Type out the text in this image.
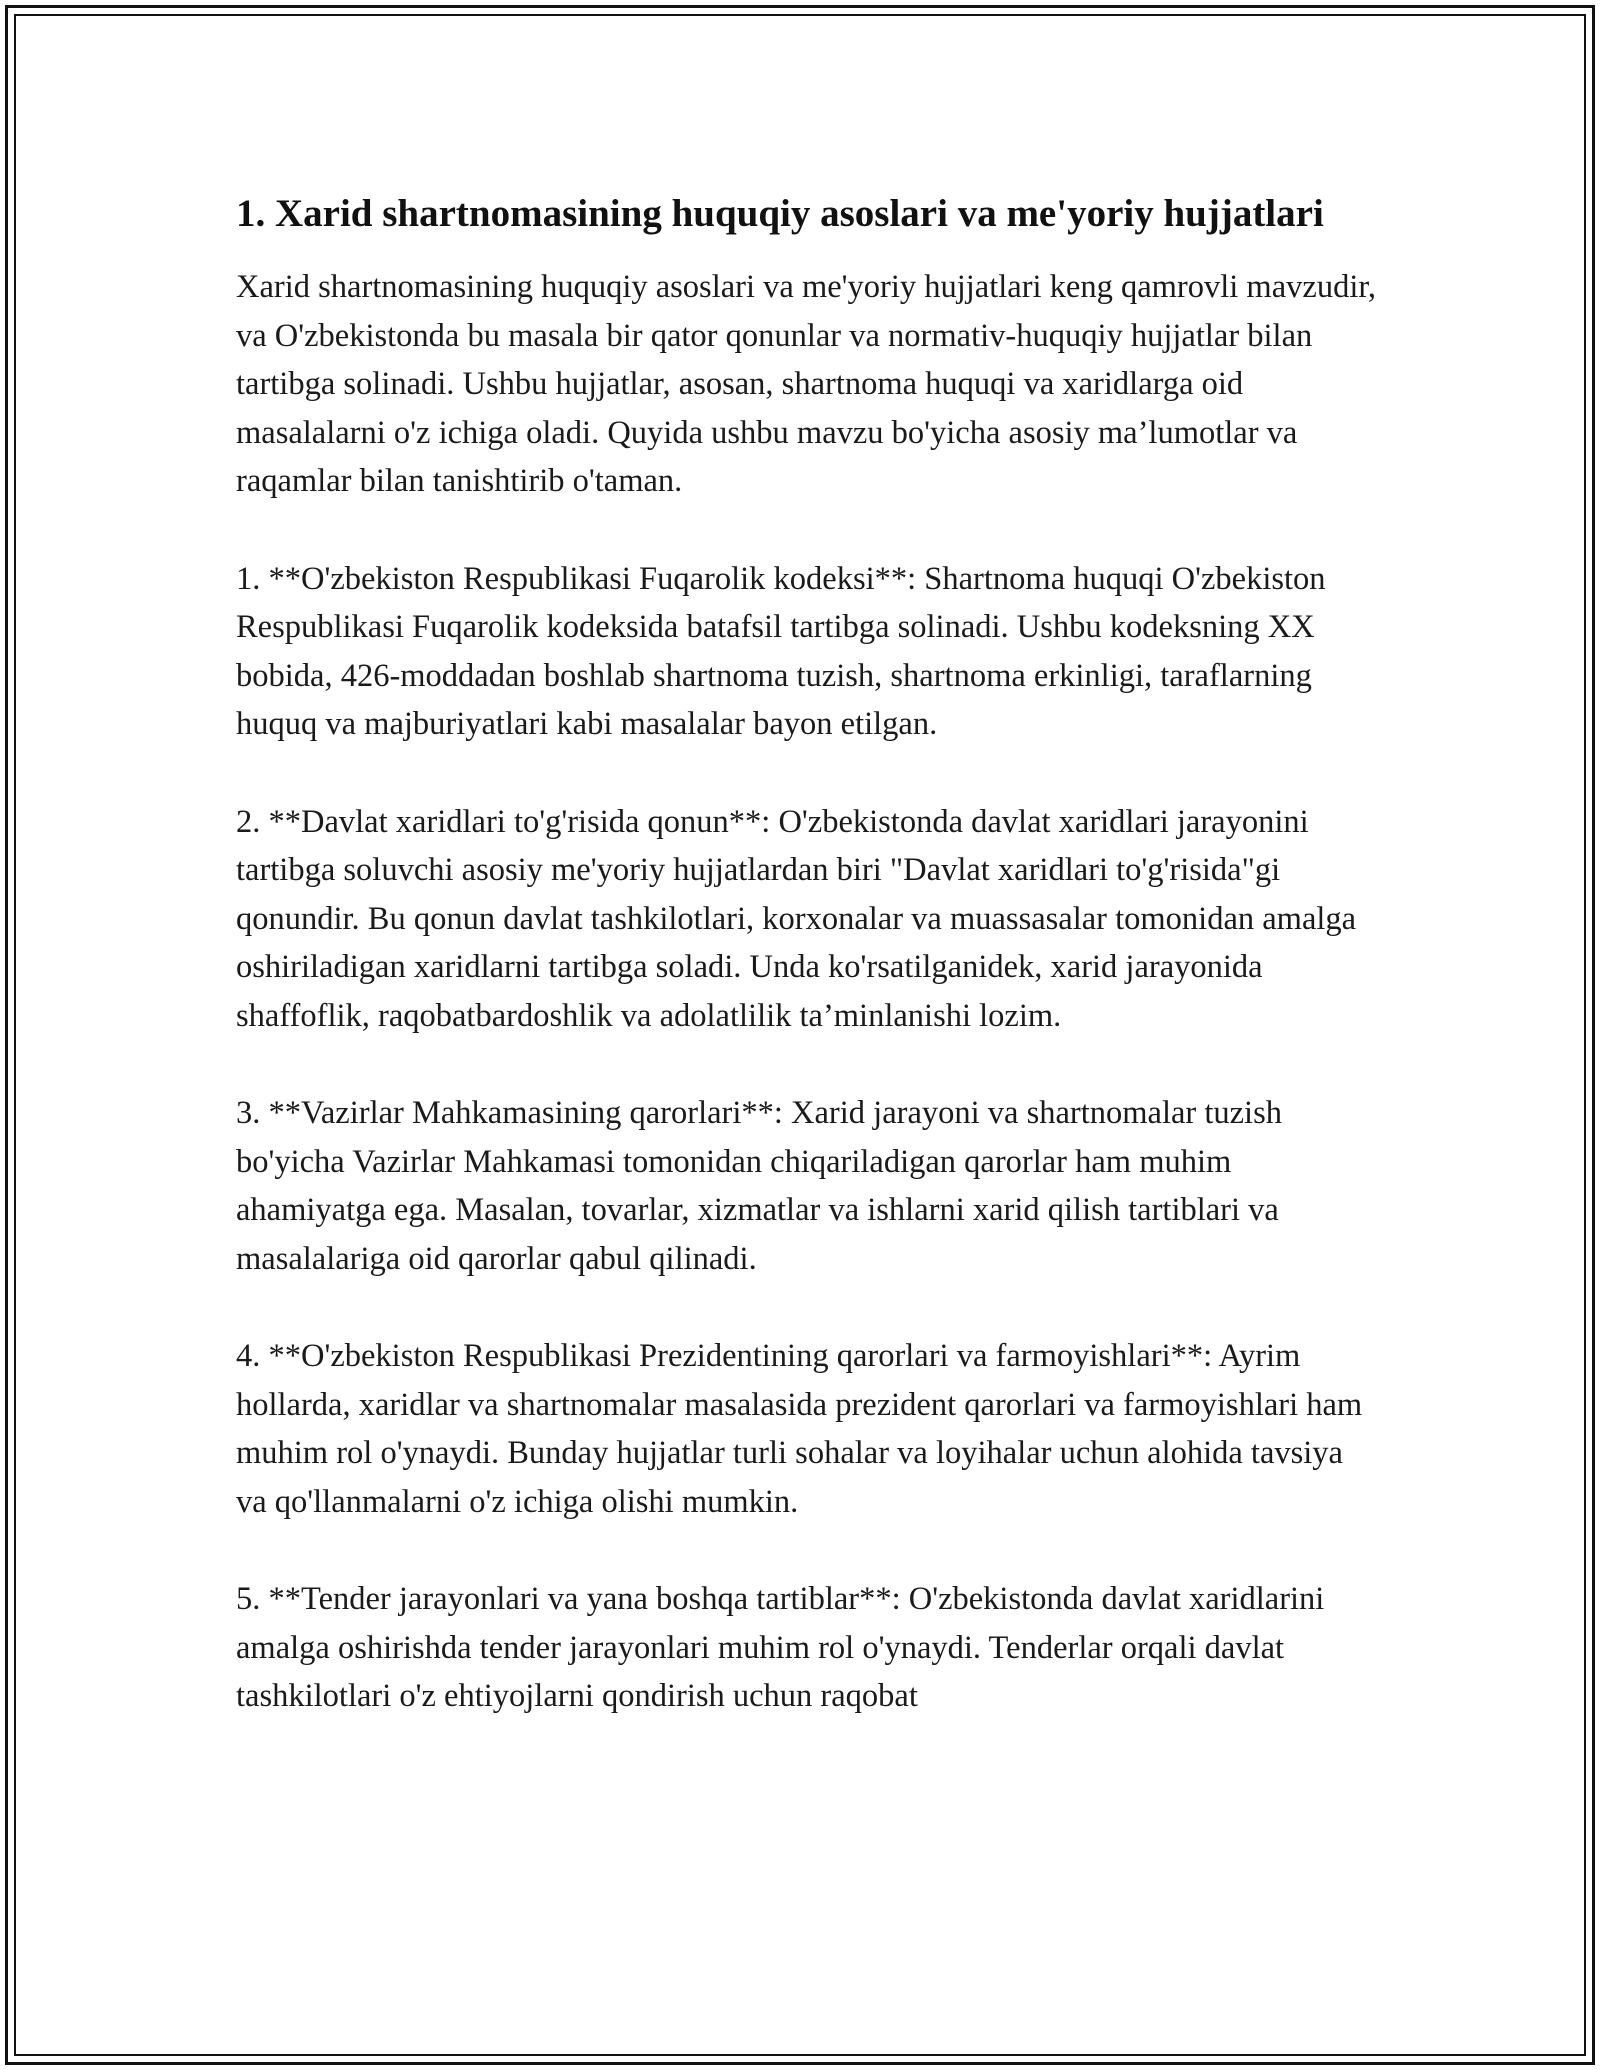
1. Xarid shartnomasining huquqiy asoslari va me'yoriy hujjatlari

Xarid shartnomasining huquqiy asoslari va me'yoriy hujjatlari keng qamrovli mavzudir, va O'zbekistonda bu masala bir qator qonunlar va normativ-huquqiy hujjatlar bilan tartibga solinadi. Ushbu hujjatlar, asosan, shartnoma huquqi va xaridlarga oid masalalarni o'z ichiga oladi. Quyida ushbu mavzu bo'yicha asosiy ma’lumotlar va raqamlar bilan tanishtirib o'taman.

1. **O'zbekiston Respublikasi Fuqarolik kodeksi**: Shartnoma huquqi O'zbekiston Respublikasi Fuqarolik kodeksida batafsil tartibga solinadi. Ushbu kodeksning XX bobida, 426-moddadan boshlab shartnoma tuzish, shartnoma erkinligi, taraflarning huquq va majburiyatlari kabi masalalar bayon etilgan.

2. **Davlat xaridlari to'g'risida qonun**: O'zbekistonda davlat xaridlari jarayonini tartibga soluvchi asosiy me'yoriy hujjatlardan biri "Davlat xaridlari to'g'risida"gi qonundir. Bu qonun davlat tashkilotlari, korxonalar va muassasalar tomonidan amalga oshiriladigan xaridlarni tartibga soladi. Unda ko'rsatilganidek, xarid jarayonida shaffoflik, raqobatbardoshlik va adolatlilik ta’minlanishi lozim.

3. **Vazirlar Mahkamasining qarorlari**: Xarid jarayoni va shartnomalar tuzish bo'yicha Vazirlar Mahkamasi tomonidan chiqariladigan qarorlar ham muhim ahamiyatga ega. Masalan, tovarlar, xizmatlar va ishlarni xarid qilish tartiblari va masalalariga oid qarorlar qabul qilinadi.

4. **O'zbekiston Respublikasi Prezidentining qarorlari va farmoyishlari**: Ayrim hollarda, xaridlar va shartnomalar masalasida prezident qarorlari va farmoyishlari ham muhim rol o'ynaydi. Bunday hujjatlar turli sohalar va loyihalar uchun alohida tavsiya va qo'llanmalarni o'z ichiga olishi mumkin.

5. **Tender jarayonlari va yana boshqa tartiblar**: O'zbekistonda davlat xaridlarini amalga oshirishda tender jarayonlari muhim rol o'ynaydi. Tenderlar orqali davlat tashkilotlari o'z ehtiyojlarni qondirish uchun raqobat
